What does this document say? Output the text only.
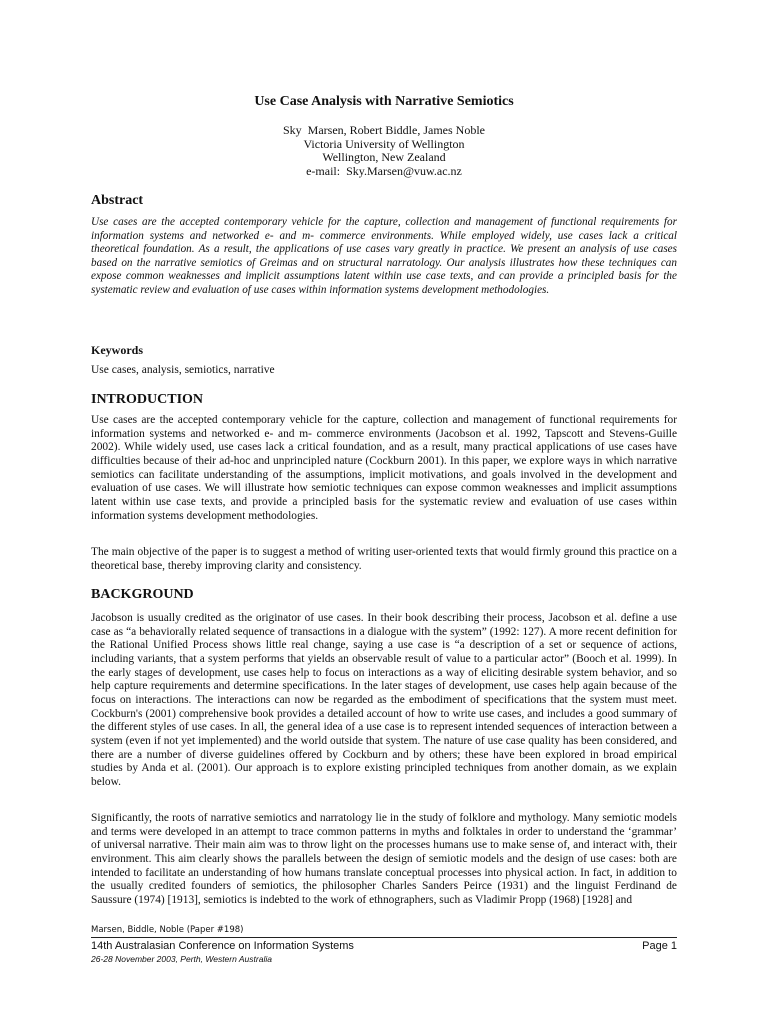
Use Case Analysis with Narrative Semiotics
Sky  Marsen, Robert Biddle, James Noble
Victoria University of Wellington
Wellington, New Zealand
e-mail:  Sky.Marsen@vuw.ac.nz
Abstract

Use cases are the accepted contemporary vehicle for the capture, collection and management of functional requirements for information systems and networked e- and m- commerce environments. While employed widely, use cases lack a critical theoretical foundation. As a result, the applications of use cases vary greatly in practice. We present an analysis of use cases based on the narrative semiotics of Greimas and on structural narratology. Our analysis illustrates how these techniques can expose common weaknesses and implicit assumptions latent within use case texts, and can provide a principled basis for the systematic review and evaluation of use cases within information systems development methodologies.

Keywords

Use cases, analysis, semiotics, narrative

INTRODUCTION

Use cases are the accepted contemporary vehicle for the capture, collection and management of functional requirements for information systems and networked e- and m- commerce environments (Jacobson et al. 1992, Tapscott and Stevens-Guille 2002). While widely used, use cases lack a critical foundation, and as a result, many practical applications of use cases have difficulties because of their ad-hoc and unprincipled nature (Cockburn 2001). In this paper, we explore ways in which narrative semiotics can facilitate understanding of the assumptions, implicit motivations, and goals involved in the development and evaluation of use cases. We will illustrate how semiotic techniques can expose common weaknesses and implicit assumptions latent within use case texts, and provide a principled basis for the systematic review and evaluation of use cases within information systems development methodologies.

The main objective of the paper is to suggest a method of writing user-oriented texts that would firmly ground this practice on a theoretical base, thereby improving clarity and consistency.

BACKGROUND

Jacobson is usually credited as the originator of use cases. In their book describing their process, Jacobson et al. define a use case as “a behaviorally related sequence of transactions in a dialogue with the system” (1992: 127). A more recent definition for the Rational Unified Process shows little real change, saying a use case is “a description of a set or sequence of actions, including variants, that a system performs that yields an observable result of value to a particular actor” (Booch et al. 1999). In the early stages of development, use cases help to focus on interactions as a way of eliciting desirable system behavior, and so help capture requirements and determine specifications. In the later stages of development, use cases help again because of the focus on interactions. The interactions can now be regarded as the embodiment of specifications that the system must meet. Cockburn's (2001) comprehensive book provides a detailed account of how to write use cases, and includes a good summary of the different styles of use cases. In all, the general idea of a use case is to represent intended sequences of interaction between a system (even if not yet implemented) and the world outside that system. The nature of use case quality has been considered, and there are a number of diverse guidelines offered by Cockburn and by others; these have been explored in broad empirical studies by Anda et al. (2001). Our approach is to explore existing principled techniques from another domain, as we explain below.

Significantly, the roots of narrative semiotics and narratology lie in the study of folklore and mythology. Many semiotic models and terms were developed in an attempt to trace common patterns in myths and folktales in order to understand the ‘grammar’ of universal narrative. Their main aim was to throw light on the processes humans use to make sense of, and interact with, their environment. This aim clearly shows the parallels between the design of semiotic models and the design of use cases: both are intended to facilitate an understanding of how humans translate conceptual processes into physical action. In fact, in addition to the usually credited founders of semiotics, the philosopher Charles Sanders Peirce (1931) and the linguist Ferdinand de Saussure (1974) [1913], semiotics is indebted to the work of ethnographers, such as Vladimir Propp (1968) [1928] and

Marsen, Biddle, Noble (Paper #198)
14th Australasian Conference on Information Systems	Page 1
26-28 November 2003, Perth, Western Australia
